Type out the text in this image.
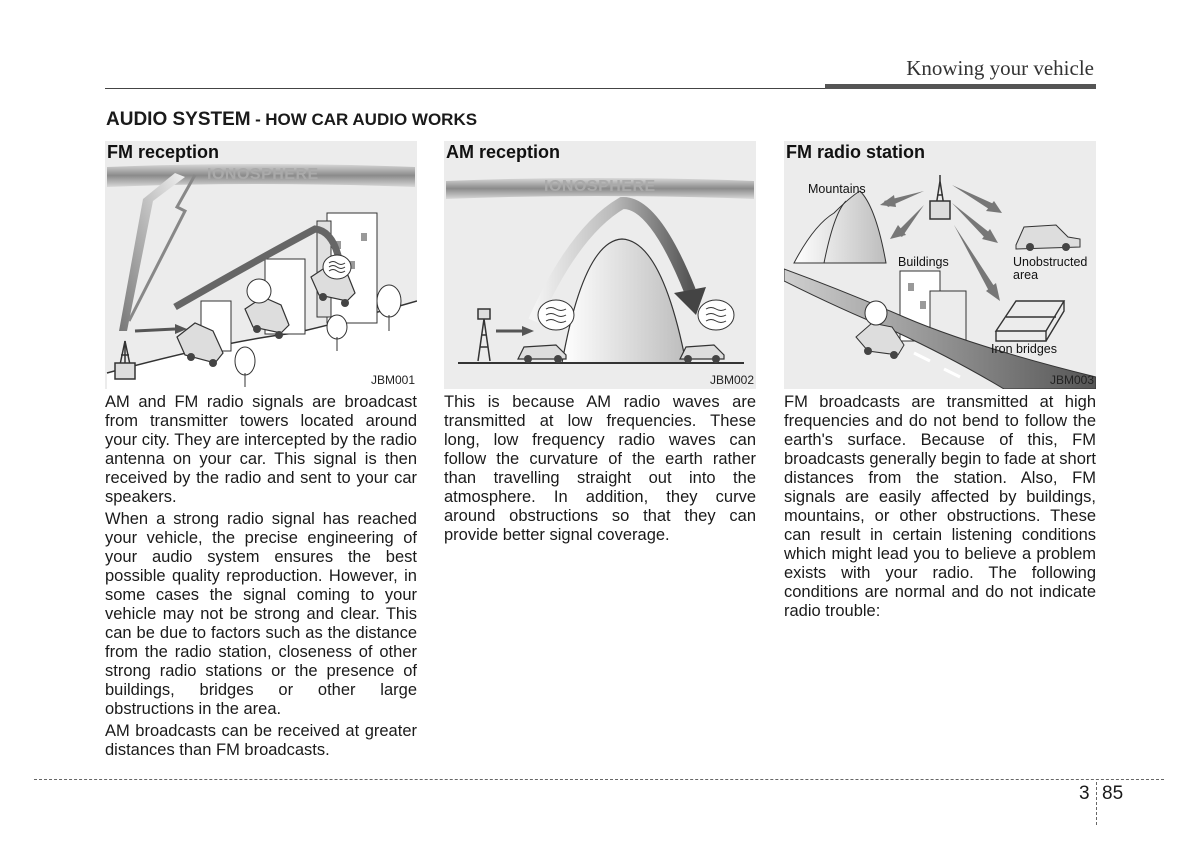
Knowing your vehicle
AUDIO SYSTEM - HOW CAR AUDIO WORKS
IONOSPHERE
FM reception
JBM001

AM and FM radio signals are broadcast from transmitter towers located around your city. They are intercepted by the radio antenna on your car. This signal is then received by the radio and sent to your car speakers.

When a strong radio signal has reached your vehicle, the precise engineering of your audio system ensures the best possible quality reproduction. However, in some cases the signal coming to your vehicle may not be strong and clear. This can be due to factors such as the distance from the radio station, closeness of other strong radio stations or the presence of buildings, bridges or other large obstructions in the area.

AM broadcasts can be received at greater distances than FM broadcasts.

IONOSPHERE
AM reception
JBM002

This is because AM radio waves are transmitted at low frequencies. These long, low frequency radio waves can follow the curvature of the earth rather than travelling straight out into the atmosphere. In addition, they curve around obstructions so that they can provide better signal coverage.

Mountains
Buildings	Unobstructed
area
Iron bridges
FM radio station
JBM003

FM broadcasts are transmitted at high frequencies and do not bend to follow the earth's surface. Because of this, FM broadcasts generally begin to fade at short distances from the station. Also, FM signals are easily affected by buildings, mountains, or other obstructions. These can result in certain listening conditions which might lead you to believe a problem exists with your radio. The following conditions are normal and do not indicate radio trouble:

3 85
